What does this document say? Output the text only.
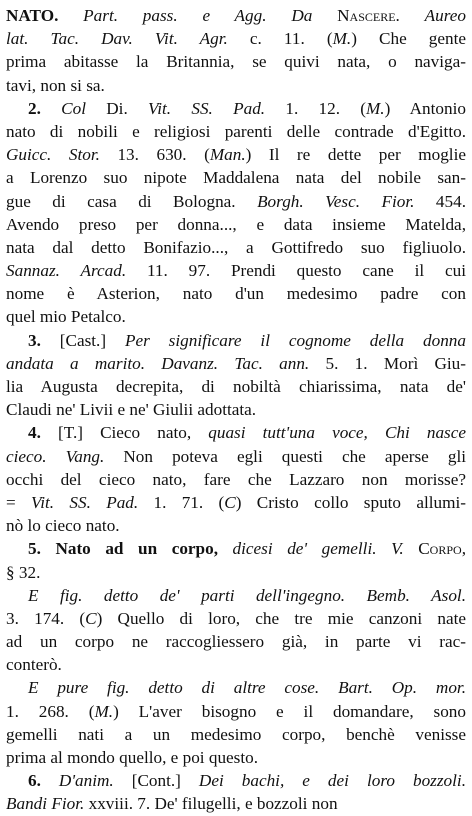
NATO. Part. pass. e Agg. Da Nascere. Aureo
lat. Tac. Dav. Vit. Agr. c. 11. (M.) Che gente
prima abitasse la Britannia, se quivi nata, o naviga-
tavi, non si sa.
2. Col Di. Vit. SS. Pad. 1. 12. (M.) Antonio
nato di nobili e religiosi parenti delle contrade d'Egitto.
Guicc. Stor. 13. 630. (Man.) Il re dette per moglie
a Lorenzo suo nipote Maddalena nata del nobile san-
gue di casa di Bologna. Borgh. Vesc. Fior. 454.
Avendo preso per donna..., e data insieme Matelda,
nata dal detto Bonifazio..., a Gottifredo suo figliuolo.
Sannaz. Arcad. 11. 97. Prendi questo cane il cui
nome è Asterion, nato d'un medesimo padre con
quel mio Petalco.
3. [Cast.] Per significare il cognome della donna
andata a marito. Davanz. Tac. ann. 5. 1. Morì Giu-
lia Augusta decrepita, di nobiltà chiarissima, nata de'
Claudi ne' Livii e ne' Giulii adottata.
4. [T.] Cieco nato, quasi tutt'una voce, Chi nasce
cieco. Vang. Non poteva egli questi che aperse gli
occhi del cieco nato, fare che Lazzaro non morisse?
= Vit. SS. Pad. 1. 71. (C) Cristo collo sputo allumi-
nò lo cieco nato.
5. Nato ad un corpo, dicesi de' gemelli. V. Corpo,
§ 32.
E fig. detto de' parti dell'ingegno. Bemb. Asol.
3. 174. (C) Quello di loro, che tre mie canzoni nate
ad un corpo ne raccogliessero già, in parte vi rac-
conterò.
E pure fig. detto di altre cose. Bart. Op. mor.
1. 268. (M.) L'aver bisogno e il domandare, sono
gemelli nati a un medesimo corpo, benchè venisse
prima al mondo quello, e poi questo.
6. D'anim. [Cont.] Dei bachi, e dei loro bozzoli.
Bandi Fior. xxviii. 7. De' filugelli, e bozzoli non
